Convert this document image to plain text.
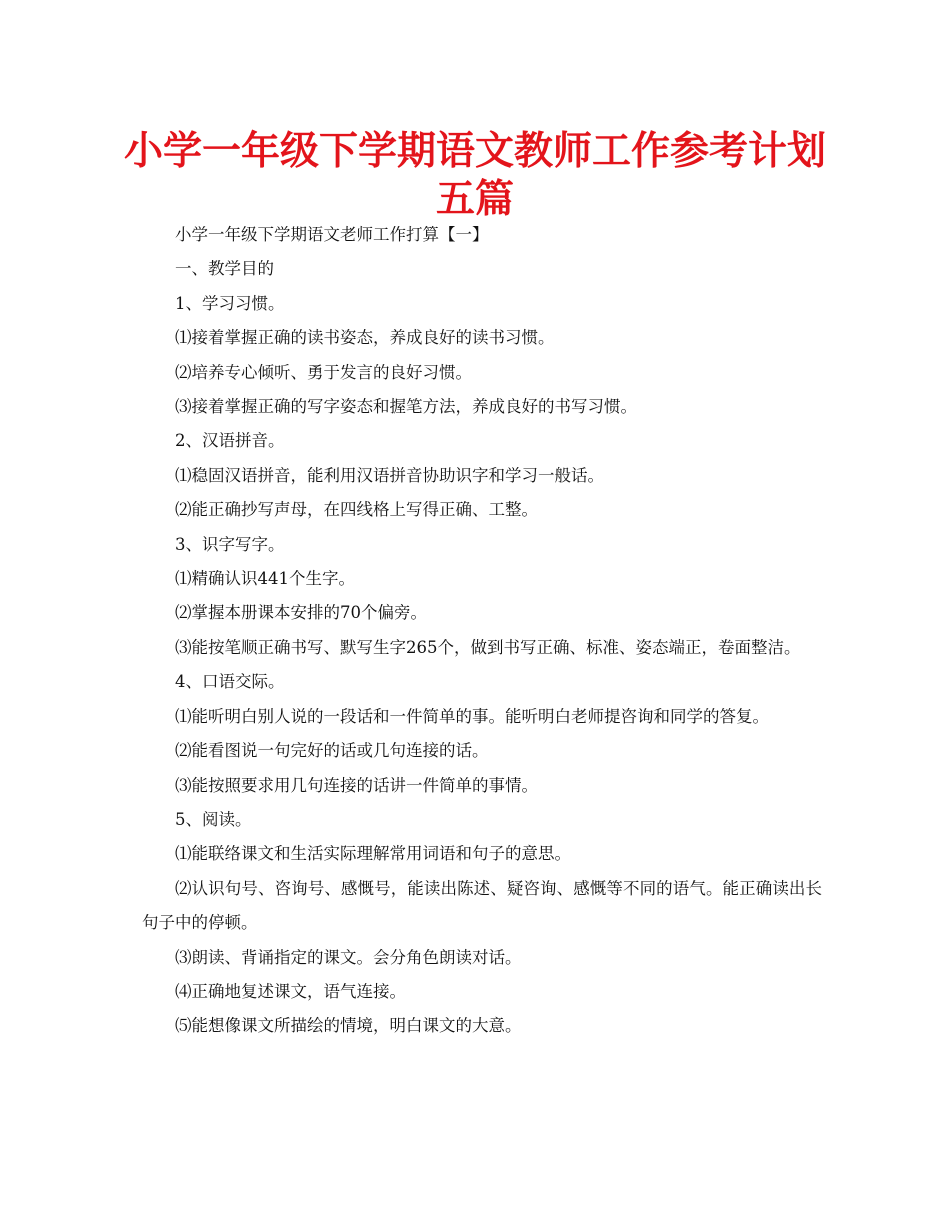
小学一年级下学期语文教师工作参考计划
五篇

小学一年级下学期语文老师工作打算【一】

一、教学目的

1、学习习惯。

⑴接着掌握正确的读书姿态，养成良好的读书习惯。

⑵培养专心倾听、勇于发言的良好习惯。

⑶接着掌握正确的写字姿态和握笔方法，养成良好的书写习惯。

2、汉语拼音。

⑴稳固汉语拼音，能利用汉语拼音协助识字和学习一般话。

⑵能正确抄写声母，在四线格上写得正确、工整。

3、识字写字。

⑴精确认识441个生字。

⑵掌握本册课本安排的70个偏旁。

⑶能按笔顺正确书写、默写生字265个，做到书写正确、标准、姿态端正，卷面整洁。

4、口语交际。

⑴能听明白别人说的一段话和一件简单的事。能听明白老师提咨询和同学的答复。

⑵能看图说一句完好的话或几句连接的话。

⑶能按照要求用几句连接的话讲一件简单的事情。

5、阅读。

⑴能联络课文和生活实际理解常用词语和句子的意思。

⑵认识句号、咨询号、感慨号，能读出陈述、疑咨询、感慨等不同的语气。能正确读出长句子中的停顿。

⑶朗读、背诵指定的课文。会分角色朗读对话。

⑷正确地复述课文，语气连接。

⑸能想像课文所描绘的情境，明白课文的大意。
